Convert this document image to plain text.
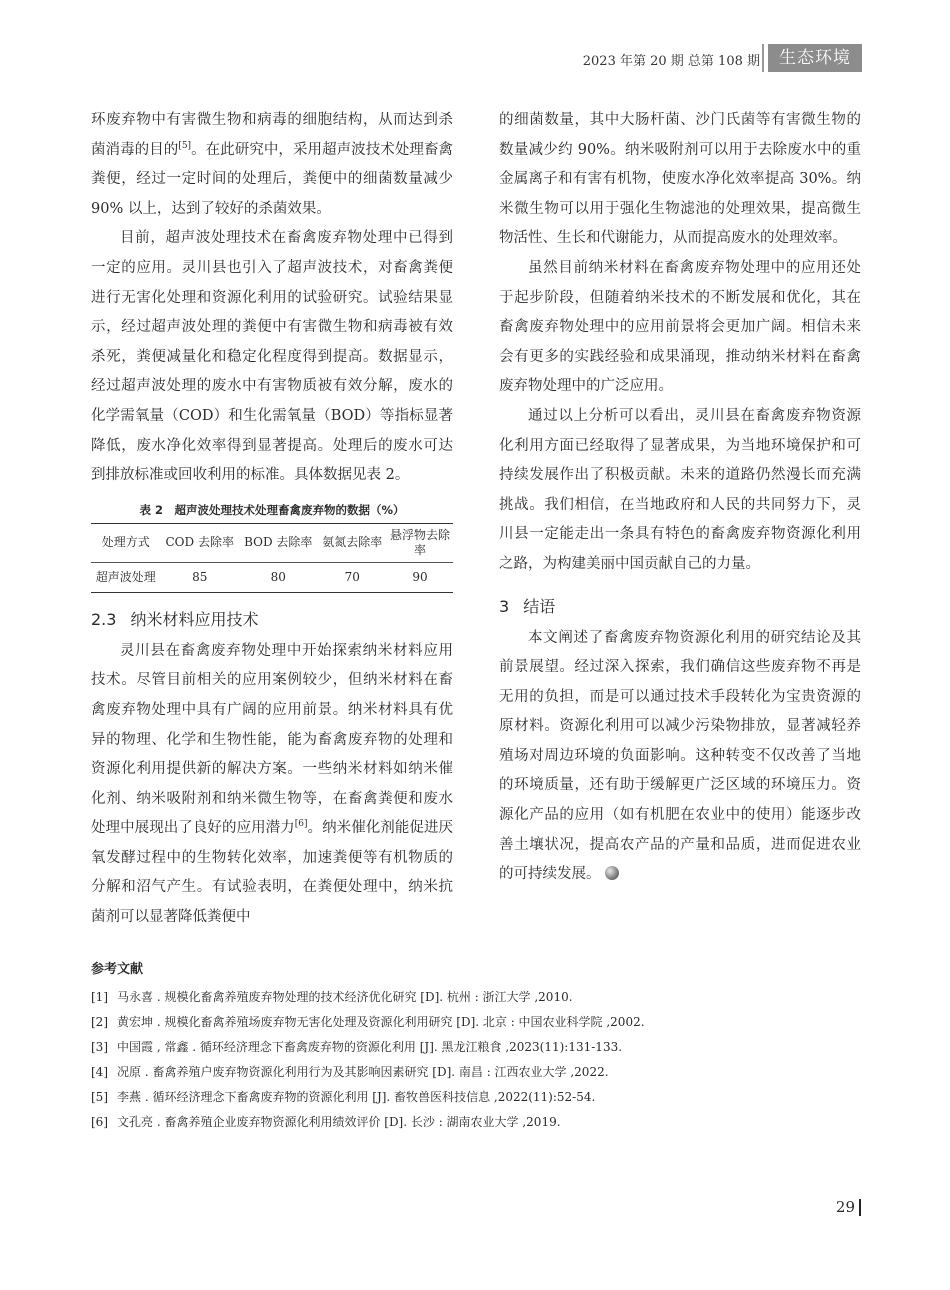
2023 年第 20 期 总第 108 期	生态环境

环废弃物中有害微生物和病毒的细胞结构，从而达到杀菌消毒的目的[5]。在此研究中，采用超声波技术处理畜禽粪便，经过一定时间的处理后，粪便中的细菌数量减少 90% 以上，达到了较好的杀菌效果。

目前，超声波处理技术在畜禽废弃物处理中已得到一定的应用。灵川县也引入了超声波技术，对畜禽粪便进行无害化处理和资源化利用的试验研究。试验结果显示，经过超声波处理的粪便中有害微生物和病毒被有效杀死，粪便减量化和稳定化程度得到提高。数据显示，经过超声波处理的废水中有害物质被有效分解，废水的化学需氧量（COD）和生化需氧量（BOD）等指标显著降低，废水净化效率得到显著提高。处理后的废水可达到排放标准或回收利用的标准。具体数据见表 2。

表 2　超声波处理技术处理畜禽废弃物的数据（%）
处理方式	COD 去除率	BOD 去除率	氨氮去除率	悬浮物去除率
超声波处理	85	80	70	90
2.3 纳米材料应用技术

灵川县在畜禽废弃物处理中开始探索纳米材料应用技术。尽管目前相关的应用案例较少，但纳米材料在畜禽废弃物处理中具有广阔的应用前景。纳米材料具有优异的物理、化学和生物性能，能为畜禽废弃物的处理和资源化利用提供新的解决方案。一些纳米材料如纳米催化剂、纳米吸附剂和纳米微生物等，在畜禽粪便和废水处理中展现出了良好的应用潜力[6]。纳米催化剂能促进厌氧发酵过程中的生物转化效率，加速粪便等有机物质的分解和沼气产生。有试验表明，在粪便处理中，纳米抗菌剂可以显著降低粪便中

的细菌数量，其中大肠杆菌、沙门氏菌等有害微生物的数量减少约 90%。纳米吸附剂可以用于去除废水中的重金属离子和有害有机物，使废水净化效率提高 30%。纳米微生物可以用于强化生物滤池的处理效果，提高微生物活性、生长和代谢能力，从而提高废水的处理效率。

虽然目前纳米材料在畜禽废弃物处理中的应用还处于起步阶段，但随着纳米技术的不断发展和优化，其在畜禽废弃物处理中的应用前景将会更加广阔。相信未来会有更多的实践经验和成果涌现，推动纳米材料在畜禽废弃物处理中的广泛应用。

通过以上分析可以看出，灵川县在畜禽废弃物资源化利用方面已经取得了显著成果，为当地环境保护和可持续发展作出了积极贡献。未来的道路仍然漫长而充满挑战。我们相信，在当地政府和人民的共同努力下，灵川县一定能走出一条具有特色的畜禽废弃物资源化利用之路，为构建美丽中国贡献自己的力量。

3 结语

本文阐述了畜禽废弃物资源化利用的研究结论及其前景展望。经过深入探索，我们确信这些废弃物不再是无用的负担，而是可以通过技术手段转化为宝贵资源的原材料。资源化利用可以减少污染物排放，显著减轻养殖场对周边环境的负面影响。这种转变不仅改善了当地的环境质量，还有助于缓解更广泛区域的环境压力。资源化产品的应用（如有机肥在农业中的使用）能逐步改善土壤状况，提高农产品的产量和品质，进而促进农业的可持续发展。

参考文献
[1] 马永喜 . 规模化畜禽养殖废弃物处理的技术经济优化研究 [D]. 杭州 : 浙江大学 ,2010.
[2] 黄宏坤 . 规模化畜禽养殖场废弃物无害化处理及资源化利用研究 [D]. 北京 : 中国农业科学院 ,2002.
[3] 中国霞 , 常鑫 . 循环经济理念下畜禽废弃物的资源化利用 [J]. 黑龙江粮食 ,2023(11):131-133.
[4] 况原 . 畜禽养殖户废弃物资源化利用行为及其影响因素研究 [D]. 南昌 : 江西农业大学 ,2022.
[5] 李燕 . 循环经济理念下畜禽废弃物的资源化利用 [J]. 畜牧兽医科技信息 ,2022(11):52-54.
[6] 文孔亮 . 畜禽养殖企业废弃物资源化利用绩效评价 [D]. 长沙 : 湖南农业大学 ,2019.
29
